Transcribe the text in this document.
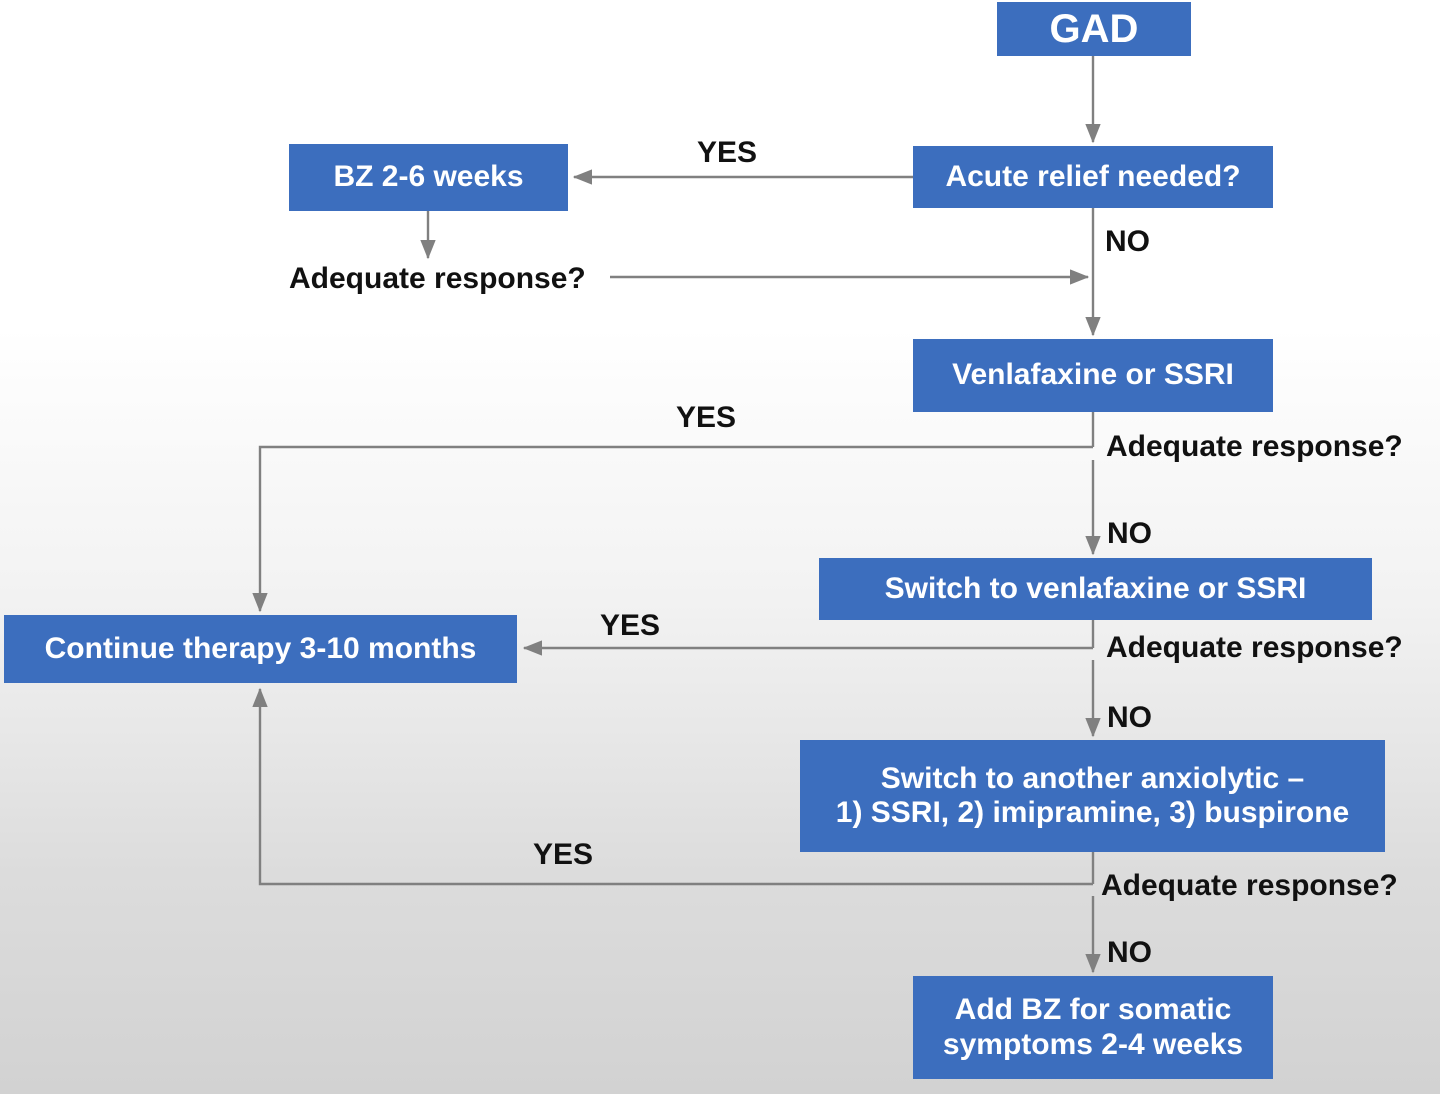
GAD
BZ 2-6 weeks	Acute relief needed?
Venlafaxine or SSRI
Switch to venlafaxine or SSRI
Continue therapy 3-10 months
Switch to another anxiolytic –
1) SSRI, 2) imipramine, 3) buspirone
Add BZ for somatic
symptoms 2-4 weeks
Adequate response?
Adequate response?
Adequate response?
Adequate response?
YES
NO
YES
NO
YES
NO
YES
NO
